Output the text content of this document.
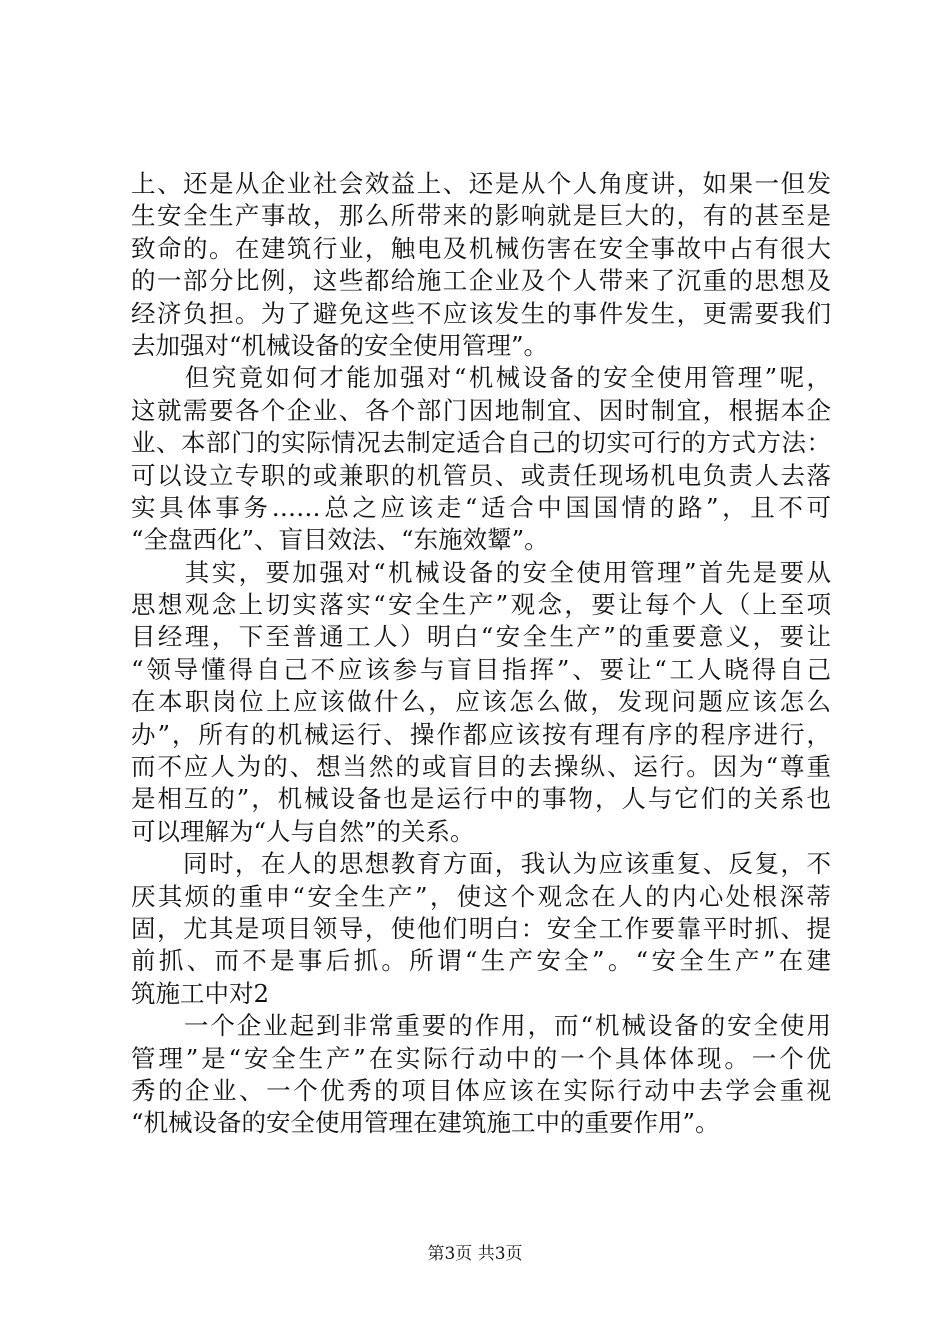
上、还是从企业社会效益上、还是从个人角度讲，如果一但发
生安全生产事故，那么所带来的影响就是巨大的，有的甚至是
致命的。在建筑行业，触电及机械伤害在安全事故中占有很大
的一部分比例，这些都给施工企业及个人带来了沉重的思想及
经济负担。为了避免这些不应该发生的事件发生，更需要我们
去加强对“机械设备的安全使用管理”。
　　但究竟如何才能加强对“机械设备的安全使用管理”呢，
这就需要各个企业、各个部门因地制宜、因时制宜，根据本企
业、本部门的实际情况去制定适合自己的切实可行的方式方法：
可以设立专职的或兼职的机管员、或责任现场机电负责人去落
实具体事务……总之应该走“适合中国国情的路”，且不可
“全盘西化”、盲目效法、“东施效颦”。
　　其实，要加强对“机械设备的安全使用管理”首先是要从
思想观念上切实落实“安全生产”观念，要让每个人（上至项
目经理，下至普通工人）明白“安全生产”的重要意义，要让
“领导懂得自己不应该参与盲目指挥”、要让“工人晓得自己
在本职岗位上应该做什么，应该怎么做，发现问题应该怎么
办”，所有的机械运行、操作都应该按有理有序的程序进行，
而不应人为的、想当然的或盲目的去操纵、运行。因为“尊重
是相互的”，机械设备也是运行中的事物，人与它们的关系也
可以理解为“人与自然”的关系。
　　同时，在人的思想教育方面，我认为应该重复、反复，不
厌其烦的重申“安全生产”，使这个观念在人的内心处根深蒂
固，尤其是项目领导，使他们明白：安全工作要靠平时抓、提
前抓、而不是事后抓。所谓“生产安全”。“安全生产”在建
筑施工中对2
　　一个企业起到非常重要的作用，而“机械设备的安全使用
管理”是“安全生产”在实际行动中的一个具体体现。一个优
秀的企业、一个优秀的项目体应该在实际行动中去学会重视
“机械设备的安全使用管理在建筑施工中的重要作用”。
第3页 共3页
